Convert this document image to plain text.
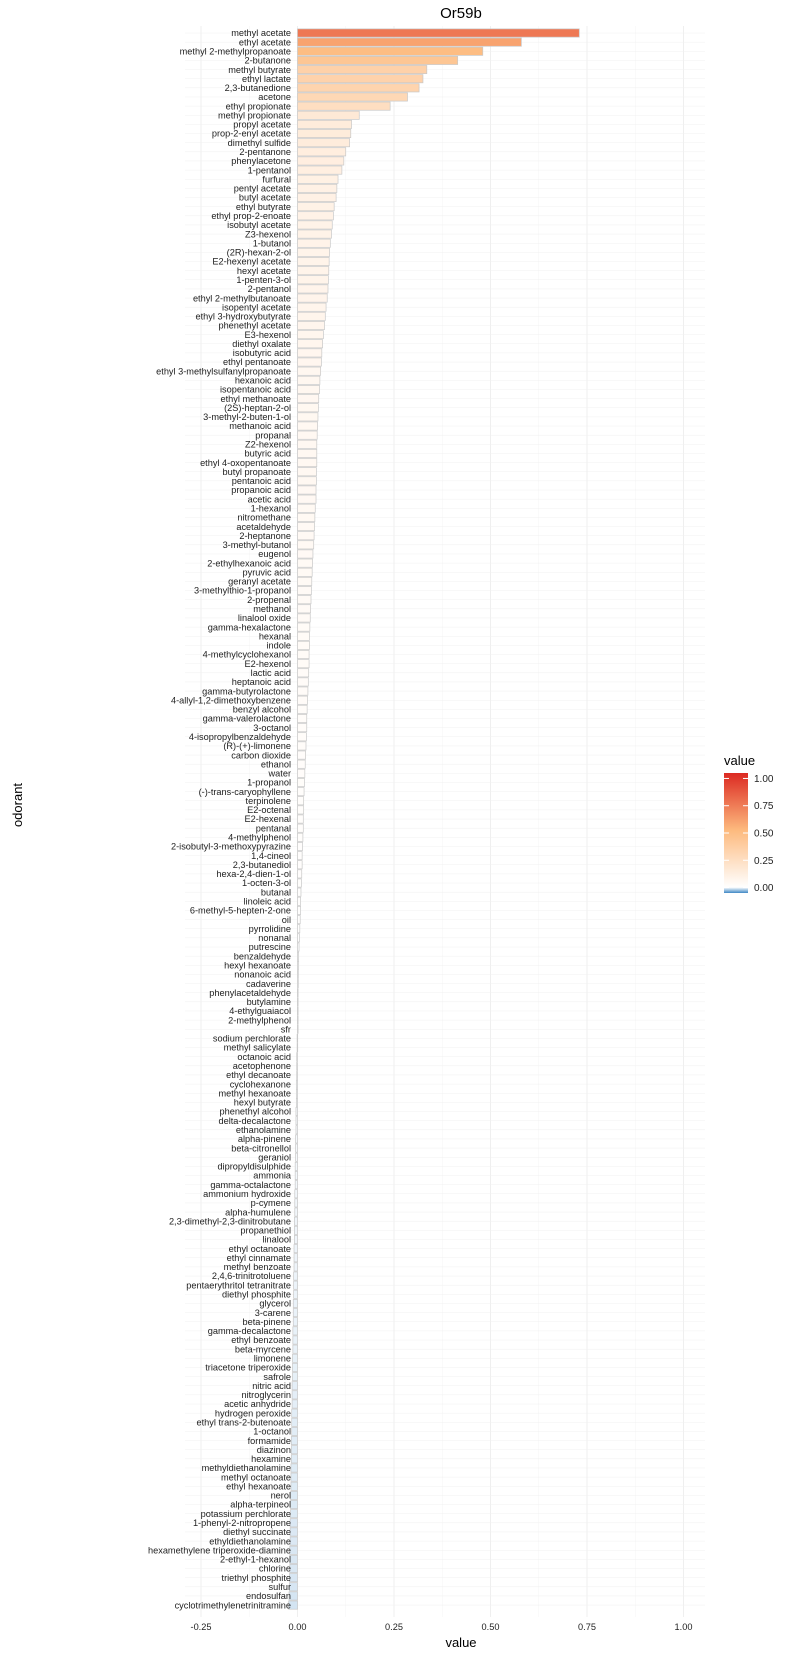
Or59b
methyl acetate
ethyl acetate
methyl 2-methylpropanoate
2-butanone
methyl butyrate
ethyl lactate
2,3-butanedione
acetone
ethyl propionate
methyl propionate
propyl acetate
prop-2-enyl acetate
dimethyl sulfide
2-pentanone
phenylacetone
1-pentanol
furfural
pentyl acetate
butyl acetate
ethyl butyrate
ethyl prop-2-enoate
isobutyl acetate
Z3-hexenol
1-butanol
(2R)-hexan-2-ol
E2-hexenyl acetate
hexyl acetate
1-penten-3-ol
2-pentanol
ethyl 2-methylbutanoate
isopentyl acetate
ethyl 3-hydroxybutyrate
phenethyl acetate
E3-hexenol
diethyl oxalate
isobutyric acid
ethyl pentanoate
ethyl 3-methylsulfanylpropanoate
hexanoic acid
isopentanoic acid
ethyl methanoate
(2S)-heptan-2-ol
3-methyl-2-buten-1-ol
methanoic acid
propanal
Z2-hexenol
butyric acid
ethyl 4-oxopentanoate
butyl propanoate
pentanoic acid
propanoic acid
acetic acid
1-hexanol
nitromethane
acetaldehyde
2-heptanone
3-methyl-butanol
eugenol
2-ethylhexanoic acid
pyruvic acid
geranyl acetate
3-methylthio-1-propanol
2-propenal
methanol
linalool oxide
gamma-hexalactone
hexanal
indole
4-methylcyclohexanol
E2-hexenol
lactic acid
heptanoic acid
gamma-butyrolactone
4-allyl-1,2-dimethoxybenzene
benzyl alcohol
gamma-valerolactone
3-octanol
4-isopropylbenzaldehyde
(R)-(+)-limonene
carbon dioxide
ethanol
water
1-propanol
(-)-trans-caryophyllene
terpinolene
E2-octenal
E2-hexenal
pentanal
4-methylphenol
2-isobutyl-3-methoxypyrazine
1,4-cineol
2,3-butanediol
hexa-2,4-dien-1-ol
1-octen-3-ol
butanal
linoleic acid
6-methyl-5-hepten-2-one
oil
pyrrolidine
nonanal
putrescine
benzaldehyde
hexyl hexanoate
nonanoic acid
cadaverine
phenylacetaldehyde
butylamine
4-ethylguaiacol
2-methylphenol
sfr
sodium perchlorate
methyl salicylate
octanoic acid
acetophenone
ethyl decanoate
cyclohexanone
methyl hexanoate
hexyl butyrate
phenethyl alcohol
delta-decalactone
ethanolamine
alpha-pinene
beta-citronellol
geraniol
dipropyldisulphide
ammonia
gamma-octalactone
ammonium hydroxide
p-cymene
alpha-humulene
2,3-dimethyl-2,3-dinitrobutane
propanethiol
linalool
ethyl octanoate
ethyl cinnamate
methyl benzoate
2,4,6-trinitrotoluene
pentaerythritol tetranitrate
diethyl phosphite
glycerol
3-carene
beta-pinene
gamma-decalactone
ethyl benzoate
beta-myrcene
limonene
triacetone triperoxide
safrole
nitric acid
nitroglycerin
acetic anhydride
hydrogen peroxide
ethyl trans-2-butenoate
1-octanol
formamide
diazinon
hexamine
methyldiethanolamine
methyl octanoate
ethyl hexanoate
nerol
alpha-terpineol
potassium perchlorate
1-phenyl-2-nitropropene
diethyl succinate
ethyldiethanolamine
hexamethylene triperoxide-diamine
2-ethyl-1-hexanol
chlorine
triethyl phosphite
sulfur
endosulfan
cyclotrimethylenetrinitramine
-0.25	0.00	0.25	0.50	0.75	1.00
value
odorant
value
1.00
0.75
0.50
0.25
0.00
